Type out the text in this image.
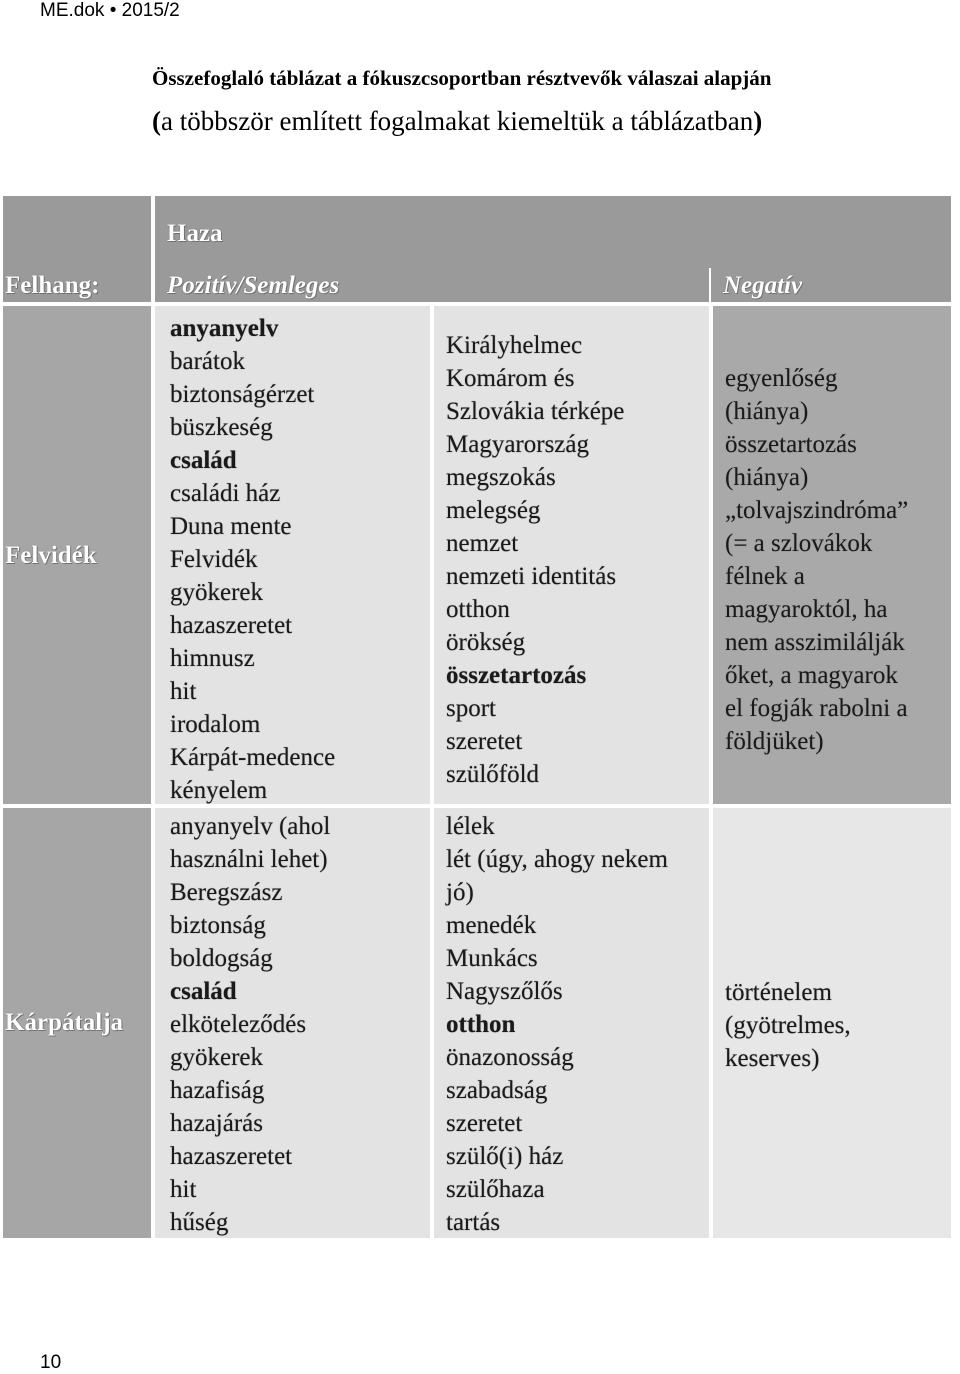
ME.dok • 2015/2
Összefoglaló táblázat a fókuszcsoportban résztvevők válaszai alapján
(a többször említett fogalmakat kiemeltük a táblázatban)
Haza
Felhang:	Pozitív/Semleges	Negatív
Felvidék
anyanyelv
barátok
biztonságérzet
büszkeség
család
családi ház
Duna mente
Felvidék
gyökerek
hazaszeretet
himnusz
hit
irodalom
Kárpát-medence
kényelem
Királyhelmec
Komárom és
Szlovákia térképe
Magyarország
megszokás
melegség
nemzet
nemzeti identitás
otthon
örökség
összetartozás
sport
szeretet
szülőföld
egyenlőség
(hiánya)
összetartozás
(hiánya)
„tolvajszindróma”
(= a szlovákok
félnek a
magyaroktól, ha
nem asszimilálják
őket, a magyarok
el fogják rabolni a
földjüket)
Kárpátalja
anyanyelv (ahol
használni lehet)
Beregszász
biztonság
boldogság
család
elköteleződés
gyökerek
hazafiság
hazajárás
hazaszeretet
hit
hűség
lélek
lét (úgy, ahogy nekem
jó)
menedék
Munkács
Nagyszőlős
otthon
önazonosság
szabadság
szeretet
szülő(i) ház
szülőhaza
tartás
történelem
(gyötrelmes,
keserves)
10
